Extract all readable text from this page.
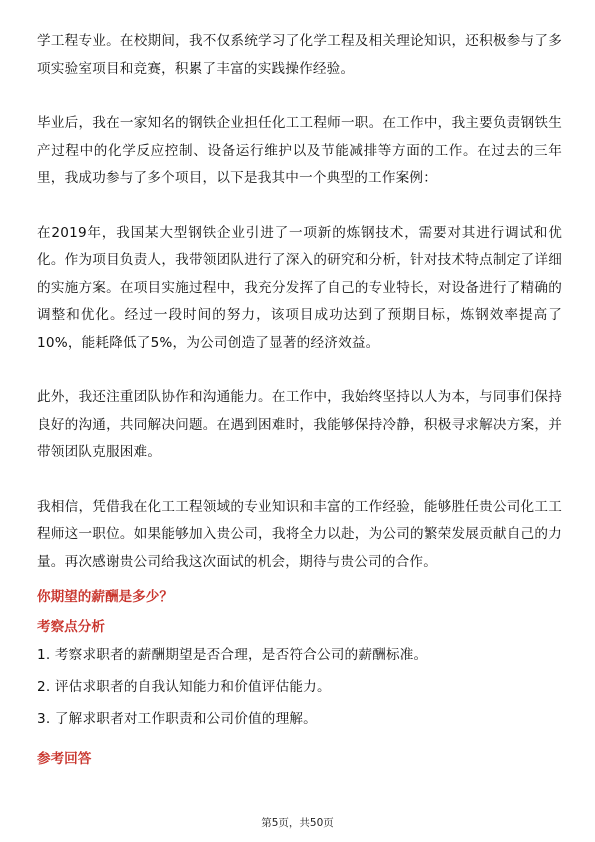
学工程专业。在校期间，我不仅系统学习了化学工程及相关理论知识，还积极参与了多项实验室项目和竞赛，积累了丰富的实践操作经验。

毕业后，我在一家知名的钢铁企业担任化工工程师一职。在工作中，我主要负责钢铁生产过程中的化学反应控制、设备运行维护以及节能减排等方面的工作。在过去的三年里，我成功参与了多个项目，以下是我其中一个典型的工作案例：

在2019年，我国某大型钢铁企业引进了一项新的炼钢技术，需要对其进行调试和优化。作为项目负责人，我带领团队进行了深入的研究和分析，针对技术特点制定了详细的实施方案。在项目实施过程中，我充分发挥了自己的专业特长，对设备进行了精确的调整和优化。经过一段时间的努力，该项目成功达到了预期目标，炼钢效率提高了10%，能耗降低了5%，为公司创造了显著的经济效益。

此外，我还注重团队协作和沟通能力。在工作中，我始终坚持以人为本，与同事们保持良好的沟通，共同解决问题。在遇到困难时，我能够保持冷静，积极寻求解决方案，并带领团队克服困难。

我相信，凭借我在化工工程领域的专业知识和丰富的工作经验，能够胜任贵公司化工工程师这一职位。如果能够加入贵公司，我将全力以赴，为公司的繁荣发展贡献自己的力量。再次感谢贵公司给我这次面试的机会，期待与贵公司的合作。

你期望的薪酬是多少？

考察点分析

1. 考察求职者的薪酬期望是否合理，是否符合公司的薪酬标准。

2. 评估求职者的自我认知能力和价值评估能力。

3. 了解求职者对工作职责和公司价值的理解。

参考回答

第5页，共50页
